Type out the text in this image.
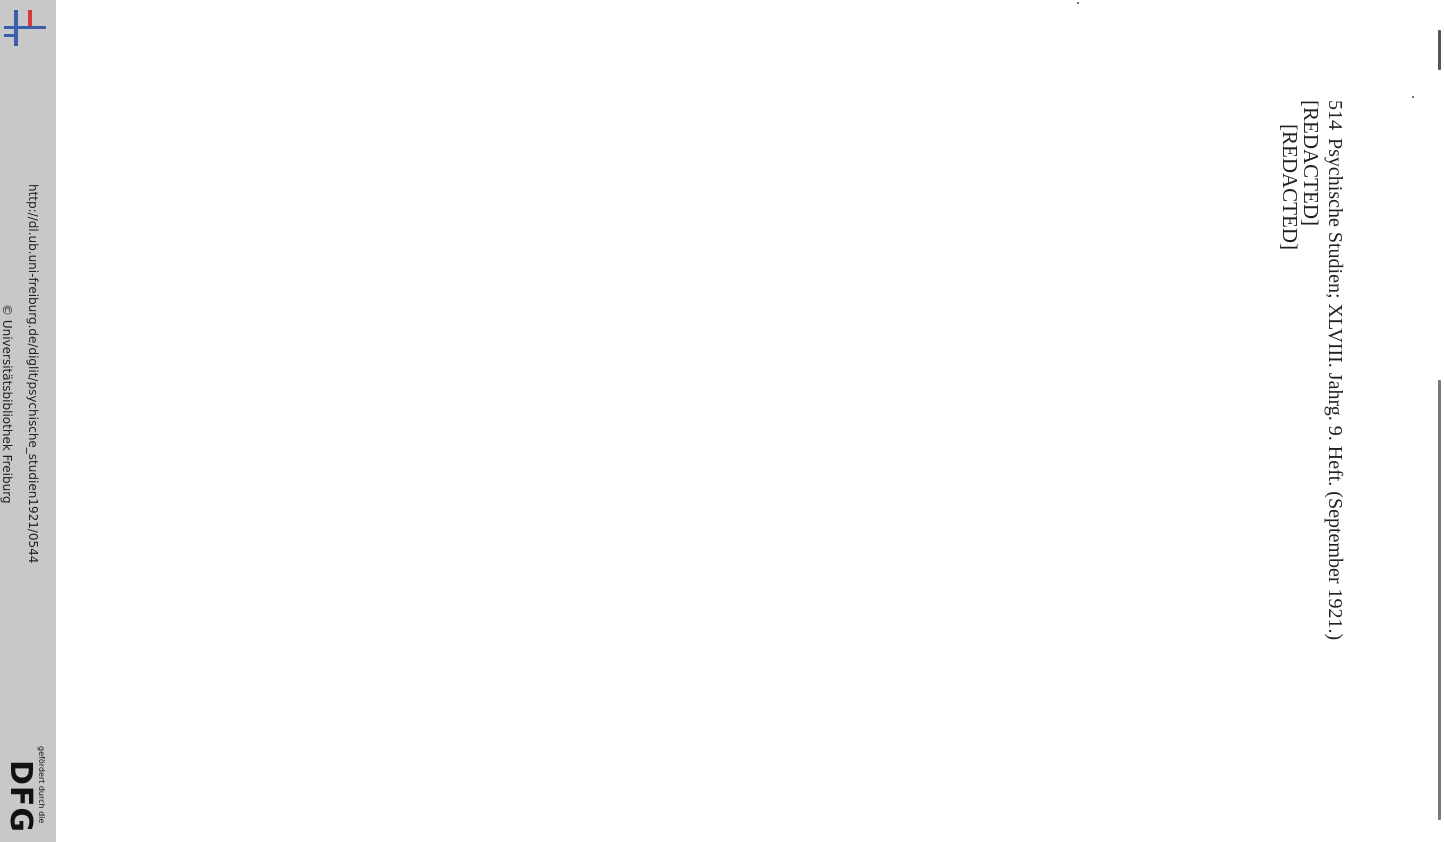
http://dl.ub.uni-freiburg.de/diglit/psychische_studien1921/0544
© Universitätsbibliothek Freiburg
gefördert durch die
DFG
514
Psychische Studien; XLVIII. Jahrg. 9. Heft. (September 1921.)

[REDACTED]

[REDACTED]
